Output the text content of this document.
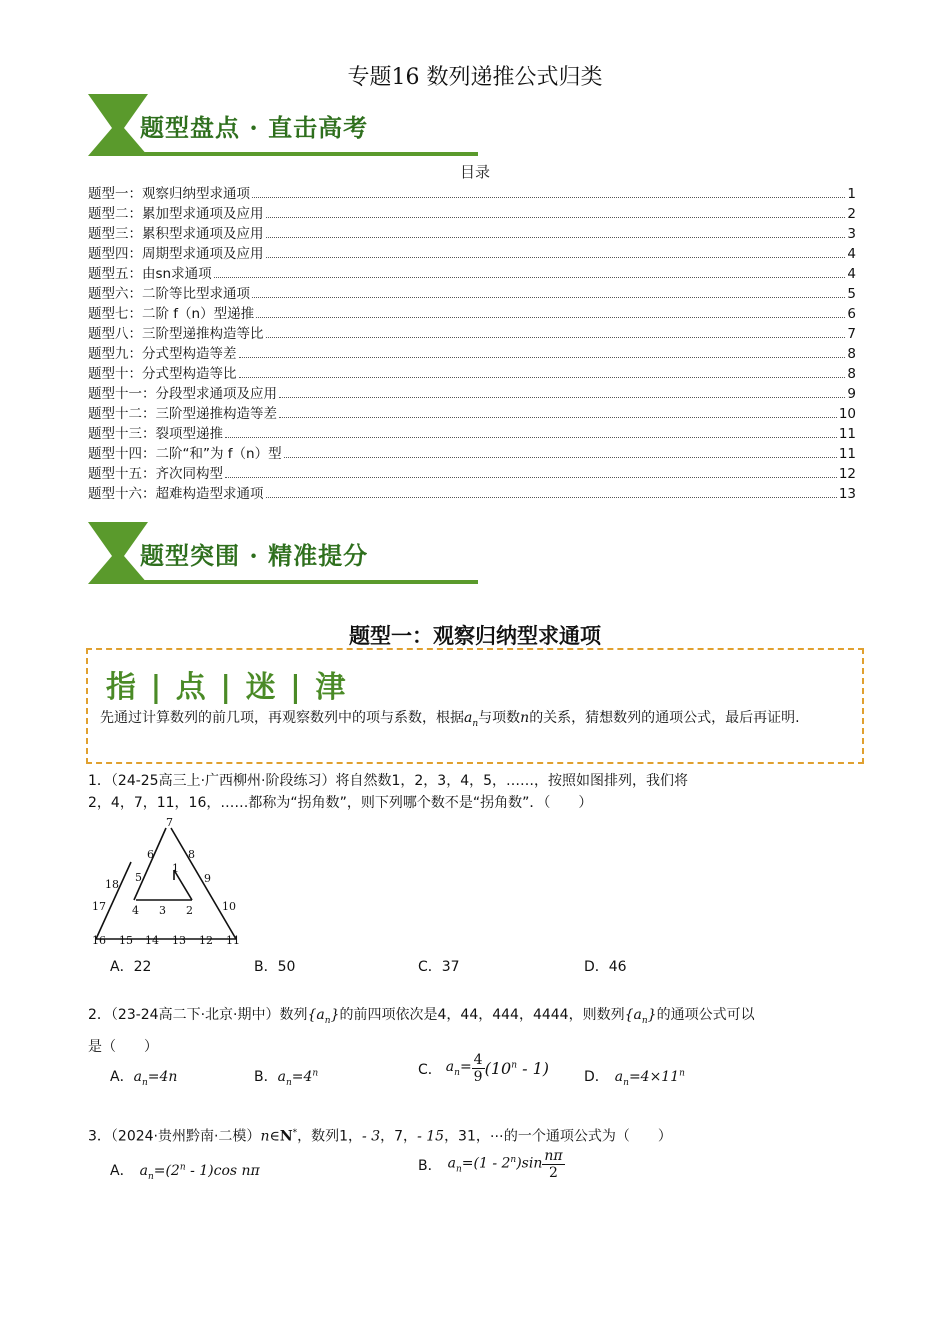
专题16 数列递推公式归类
题型盘点 · 直击高考
目录
题型一：观察归纳型求通项	1
题型二：累加型求通项及应用	2
题型三：累积型求通项及应用	3
题型四：周期型求通项及应用	4
题型五：由sn求通项	4
题型六：二阶等比型求通项	5
题型七：二阶 f（n）型递推	6
题型八：三阶型递推构造等比	7
题型九：分式型构造等差	8
题型十：分式型构造等比	8
题型十一：分段型求通项及应用	9
题型十二：三阶型递推构造等差	10
题型十三：裂项型递推	11
题型十四：二阶“和”为 f（n）型	11
题型十五：齐次同构型	12
题型十六：超难构造型求通项	13
题型突围 · 精准提分
题型一：观察归纳型求通项
指 | 点 | 迷 | 津
先通过计算数列的前几项，再观察数列中的项与系数，根据$a_n$与项数n的关系，猜想数列的通项公式，最后再证明.
1．（24-25高三上·广西柳州·阶段练习）将自然数1，2，3，4，5，……，按照如图排列，我们将
2，4，7，11，16，……都称为“拐角数”，则下列哪个数不是“拐角数”．（　　）
1
2
3
4
5
6
7
8
9
10
11
12
13
14
15
16
17
18
A．22	B．50	C．37	D．46
2．（23-24高二下·北京·期中）数列$\{a_n\}$的前四项依次是4，44，444，4444，则数列$\{a_n\}$的通项公式可以
是（　　）
A．$a_n=4n$	B．$a_n=4^n$	C． $a_n= \frac{4}{9} (10^n - 1)$	D． $a_n=4\times 11^n$
3．（2024·贵州黔南·二模）n∈N*，数列1，- 3，7，- 15，31，⋯的一个通项公式为（　　）
A． $a_n=(2^n - 1)\cos$ nπ	B． $a_n=(1 - 2^n)\sin \frac{n\pi}{2}$
